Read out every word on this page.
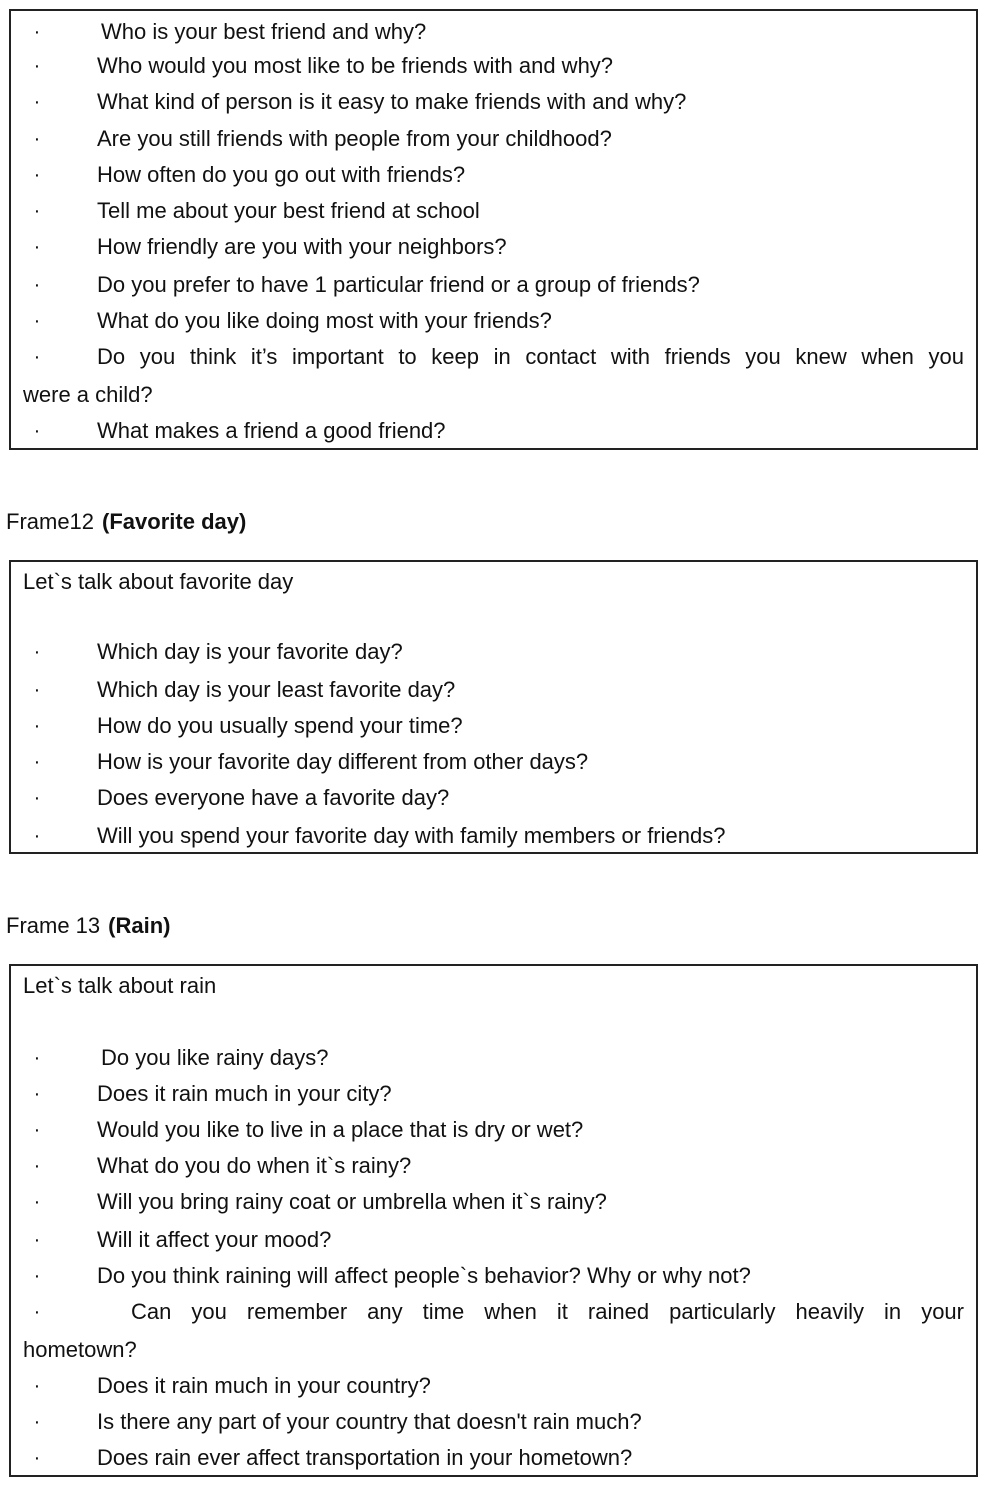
·	Who is your best friend and why?
·	Who would you most like to be friends with and why?
·	What kind of person is it easy to make friends with and why?
·	Are you still friends with people from your childhood?
·	How often do you go out with friends?
·	Tell me about your best friend at school
·	How friendly are you with your neighbors?
·	Do you prefer to have 1 particular friend or a group of friends?
·	What do you like doing most with your friends?
·	Do you think it’s important to keep in contact with friends you knew when you
were a child?
·	What makes a friend a good friend?
Frame12 (Favorite day)
Let`s talk about favorite day
·	Which day is your favorite day?
·	Which day is your least favorite day?
·	How do you usually spend your time?
·	How is your favorite day different from other days?
·	Does everyone have a favorite day?
·	Will you spend your favorite day with family members or friends?
Frame 13 (Rain)
Let`s talk about rain
·	Do you like rainy days?
·	Does it rain much in your city?
·	Would you like to live in a place that is dry or wet?
·	What do you do when it`s rainy?
·	Will you bring rainy coat or umbrella when it`s rainy?
·	Will it affect your mood?
·	Do you think raining will affect people`s behavior? Why or why not?
·	Can you remember any time when it rained particularly heavily in your
hometown?
·	Does it rain much in your country?
·	Is there any part of your country that doesn't rain much?
·	Does rain ever affect transportation in your hometown?
